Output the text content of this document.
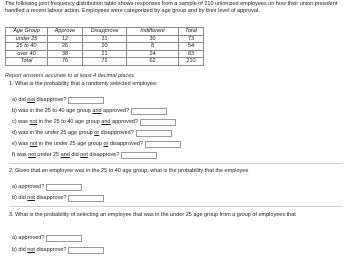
The following joint frequency distribution table shows responses from a sample of 210 unionized employees on how their union president handled a recent labour action. Employees were categorized by age group and by their level of approval.
Age Group	Approve	Disapprove	Indifferent	Total
under 25	12	31	30	73
25 to 40	26	20	8	54
over 40	38	21	24	83
Total	76	72	62	210
Report answers accurate to at least 4 decimal places.
1. What is the probability that a randomly selected employee:
a) did not disapprove?
b) was in the 25 to 40 age group and approved?
c) was not in the 25 to 40 age group and approved?
d) was in the under 25 age group or disapproved?
e) was not in the under 25 age group or disapproved?
f) was not under 25 and did not disapprove?
2. Given that an employee was in the 25 to 40 age group, what is the probability that the employee
a) approved?
b) did not disapprove?
3. What is the probability of selecting an employee that was in the under 25 age group from a group of employees that
a) approved?
b) did not disapprove?
